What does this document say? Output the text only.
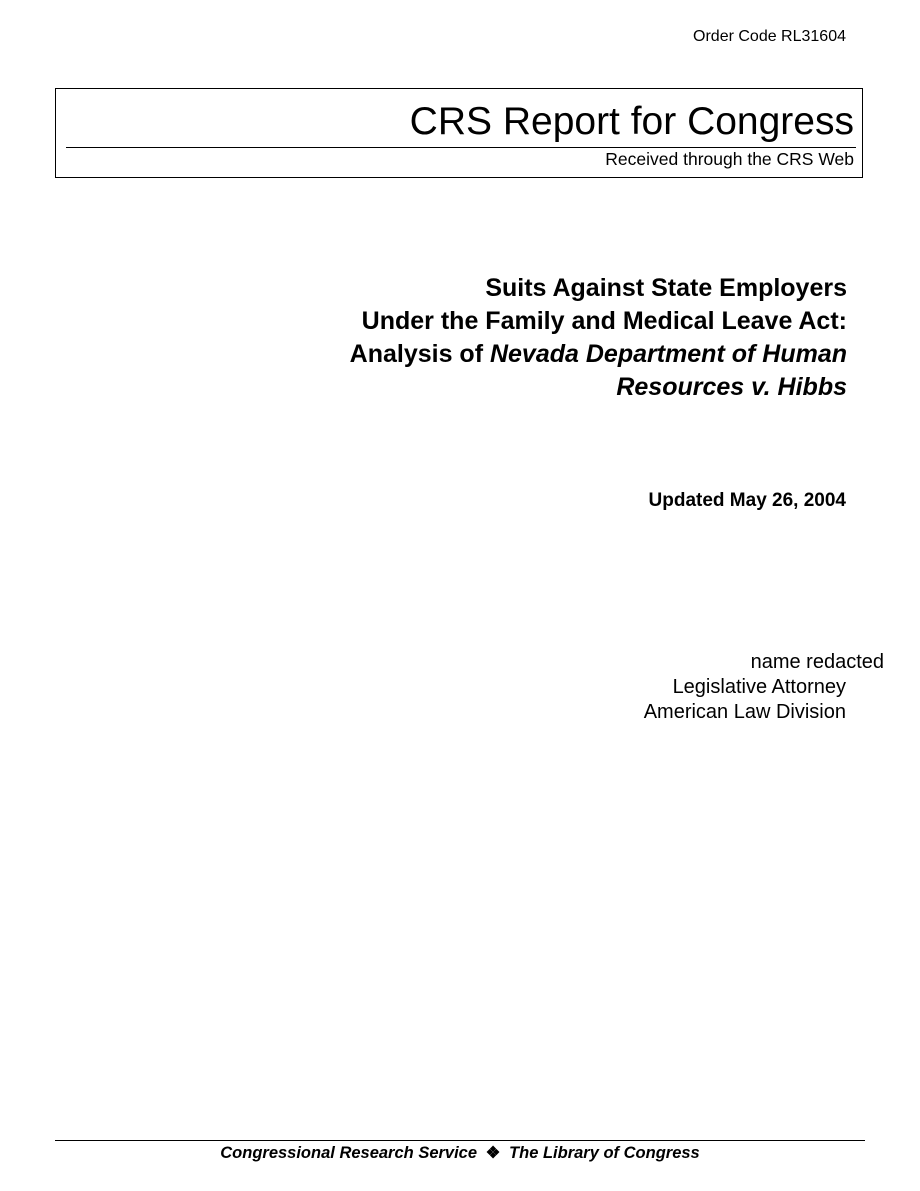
Order Code RL31604
CRS Report for Congress
Received through the CRS Web
Suits Against State Employers
Under the Family and Medical Leave Act:
Analysis of Nevada Department of Human
Resources v. Hibbs
Updated May 26, 2004
name redacted
Legislative Attorney
American Law Division
Congressional Research Service ❖ The Library of Congress
